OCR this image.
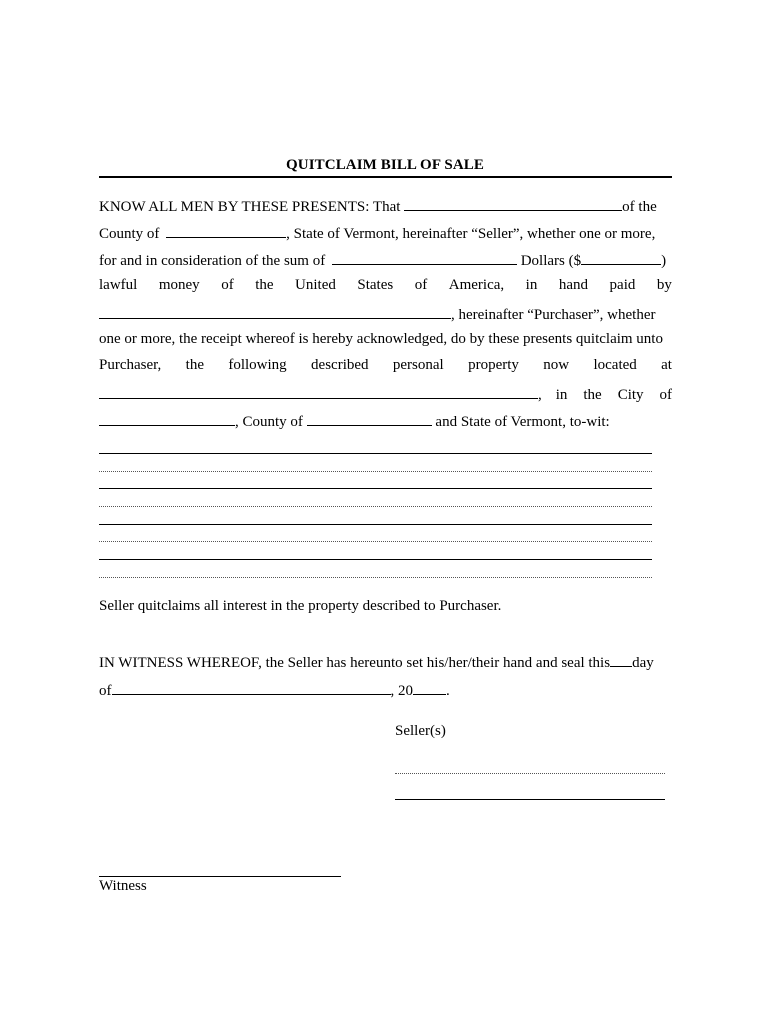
QUITCLAIM BILL OF SALE
KNOW ALL MEN BY THESE PRESENTS: That	of the
County of	, State of Vermont, hereinafter “Seller”, whether one or more,
for and in consideration of the sum of	Dollars ($	)
lawful money of the United States of America, in hand paid by
, hereinafter “Purchaser”, whether
one or more, the receipt whereof is hereby acknowledged, do by these presents quitclaim unto
Purchaser, the following described personal property now located at
, in the City of
, County of	and State of Vermont, to-wit:
Seller quitclaims all interest in the property described to Purchaser.
IN WITNESS WHEREOF, the Seller has hereunto set his/her/their hand and seal this day
of	, 20 .
Seller(s)
Witness
